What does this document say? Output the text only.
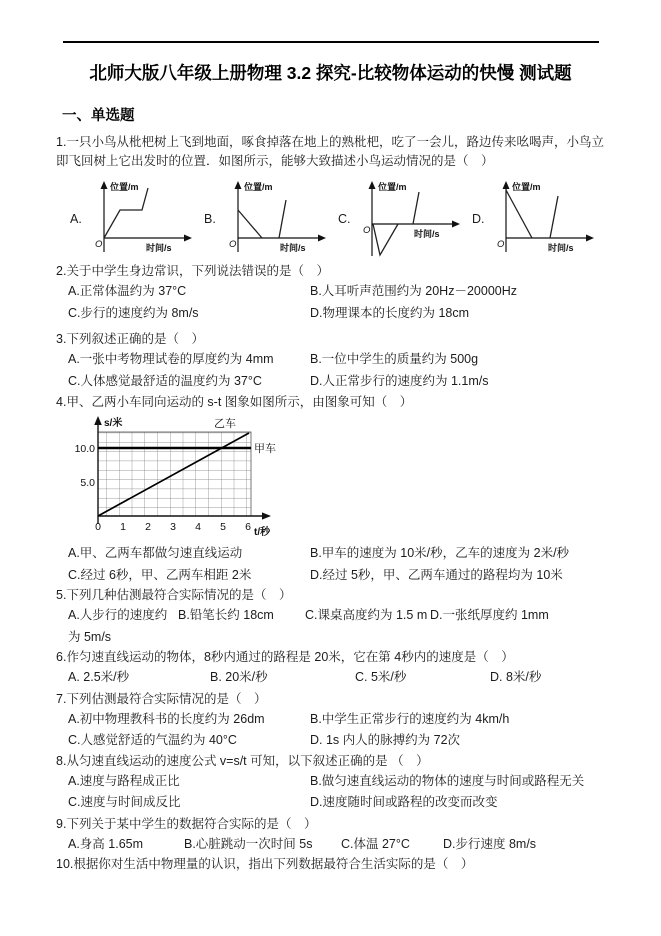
北师大版八年级上册物理 3.2 探究-比较物体运动的快慢 测试题
一、单选题

1.一只小鸟从枇杷树上飞到地面，啄食掉落在地上的熟枇杷，吃了一会儿，路边传来吆喝声，小鸟立即飞回树上它出发时的位置．如图所示，能够大致描述小鸟运动情况的是（　）

A.
位置/m
时间/s
O
B.
位置/m
时间/s
O
C.
位置/m
时间/s
O
D.
位置/m
时间/s
O

2.关于中学生身边常识，下列说法错误的是（　）

A.正常体温约为 37°C	B.人耳听声范围约为 20Hz－20000Hz
C.步行的速度约为 8m/s	D.物理课本的长度约为 18cm

3.下列叙述正确的是（　）

A.一张中考物理试卷的厚度约为 4mm	B.一位中学生的质量约为 500g
C.人体感觉最舒适的温度约为 37°C	D.人正常步行的速度约为 1.1m/s

4.甲、乙两小车同向运动的 s-t 图象如图所示，由图象可知（　）

s/米
t/秒
乙车
甲车
10.0
5.0
0 1 2 3 4 5 6
A.甲、乙两车都做匀速直线运动	B.甲车的速度为 10米/秒，乙车的速度为 2米/秒
C.经过 6秒，甲、乙两车相距 2米	D.经过 5秒，甲、乙两车通过的路程均为 10米

5.下列几种估测最符合实际情况的是（　）

A.人步行的速度约为 5m/s
B.铅笔长约 18cm	C.课桌高度约为 1.5 m D.一张纸厚度约 1mm

6.作匀速直线运动的物体，8秒内通过的路程是 20米，它在第 4秒内的速度是（　）

A. 2.5米/秒	B. 20米/秒	C. 5米/秒	D. 8米/秒

7.下列估测最符合实际情况的是（　）

A.初中物理教科书的长度约为 26dm	B.中学生正常步行的速度约为 4km/h
C.人感觉舒适的气温约为 40°C	D. 1s 内人的脉搏约为 72次

8.从匀速直线运动的速度公式 v=s/t 可知，以下叙述正确的是 （　）

A.速度与路程成正比	B.做匀速直线运动的物体的速度与时间或路程无关
C.速度与时间成反比	D.速度随时间或路程的改变而改变

9.下列关于某中学生的数据符合实际的是（　）

A.身高 1.65m	B.心脏跳动一次时间 5s	C.体温 27°C	D.步行速度 8m/s

10.根据你对生活中物理量的认识，指出下列数据最符合生活实际的是（　）
